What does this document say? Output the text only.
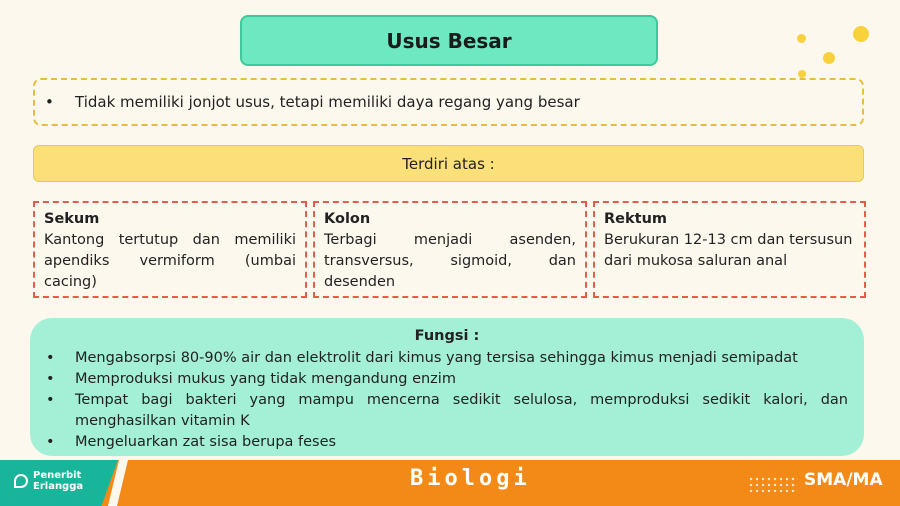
Usus Besar
•	Tidak memiliki jonjot usus, tetapi memiliki daya regang yang besar
Terdiri atas :
Sekum
Kantong tertutup dan memiliki apendiks vermiform (umbai cacing)
Kolon
Terbagi menjadi asenden, transversus, sigmoid, dan desenden
Rektum
Berukuran 12-13 cm dan tersusun dari mukosa saluran anal
Fungsi :
•	Mengabsorpsi 80-90% air dan elektrolit dari kimus yang tersisa sehingga kimus menjadi semipadat
•	Memproduksi mukus yang tidak mengandung enzim
•	Tempat bagi bakteri yang mampu mencerna sedikit selulosa, memproduksi sedikit kalori, dan menghasilkan vitamin K
•	Mengeluarkan zat sisa berupa feses
Penerbit
Erlangga	Biologi	SMA/MA
